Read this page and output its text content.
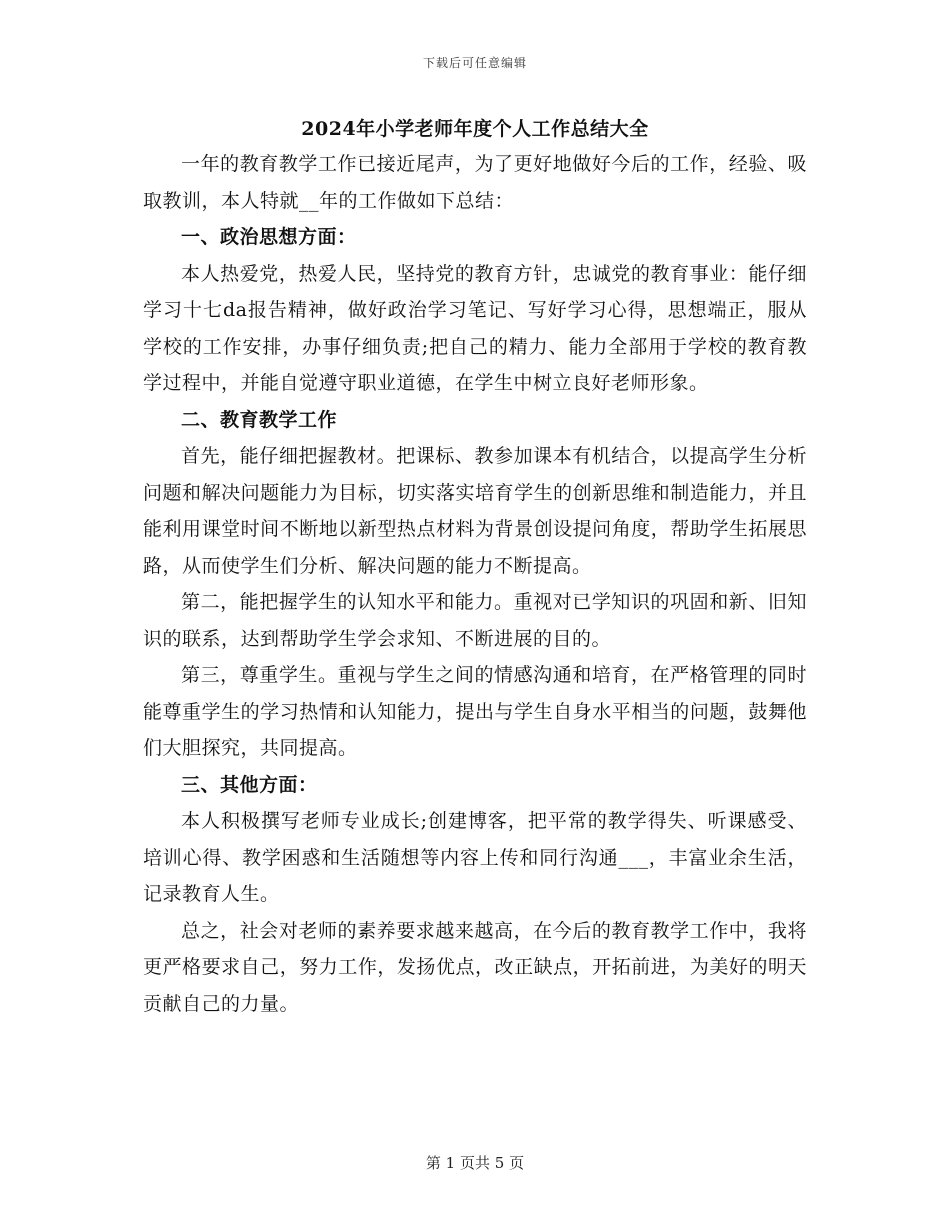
下载后可任意编辑
2024年小学老师年度个人工作总结大全

一年的教育教学工作已接近尾声，为了更好地做好今后的工作，经验、吸取教训，本人特就__年的工作做如下总结：

一、政治思想方面：

本人热爱党，热爱人民，坚持党的教育方针，忠诚党的教育事业：能仔细学习十七da报告精神，做好政治学习笔记、写好学习心得，思想端正，服从学校的工作安排，办事仔细负责;把自己的精力、能力全部用于学校的教育教学过程中，并能自觉遵守职业道德，在学生中树立良好老师形象。

二、教育教学工作

首先，能仔细把握教材。把课标、教参加课本有机结合，以提高学生分析问题和解决问题能力为目标，切实落实培育学生的创新思维和制造能力，并且能利用课堂时间不断地以新型热点材料为背景创设提问角度，帮助学生拓展思路，从而使学生们分析、解决问题的能力不断提高。

第二，能把握学生的认知水平和能力。重视对已学知识的巩固和新、旧知识的联系，达到帮助学生学会求知、不断进展的目的。

第三，尊重学生。重视与学生之间的情感沟通和培育，在严格管理的同时能尊重学生的学习热情和认知能力，提出与学生自身水平相当的问题，鼓舞他们大胆探究，共同提高。

三、其他方面：

本人积极撰写老师专业成长;创建博客，把平常的教学得失、听课感受、培训心得、教学困惑和生活随想等内容上传和同行沟通___，丰富业余生活，记录教育人生。

总之，社会对老师的素养要求越来越高，在今后的教育教学工作中，我将更严格要求自己，努力工作，发扬优点，改正缺点，开拓前进，为美好的明天贡献自己的力量。

第 1 页共 5 页
